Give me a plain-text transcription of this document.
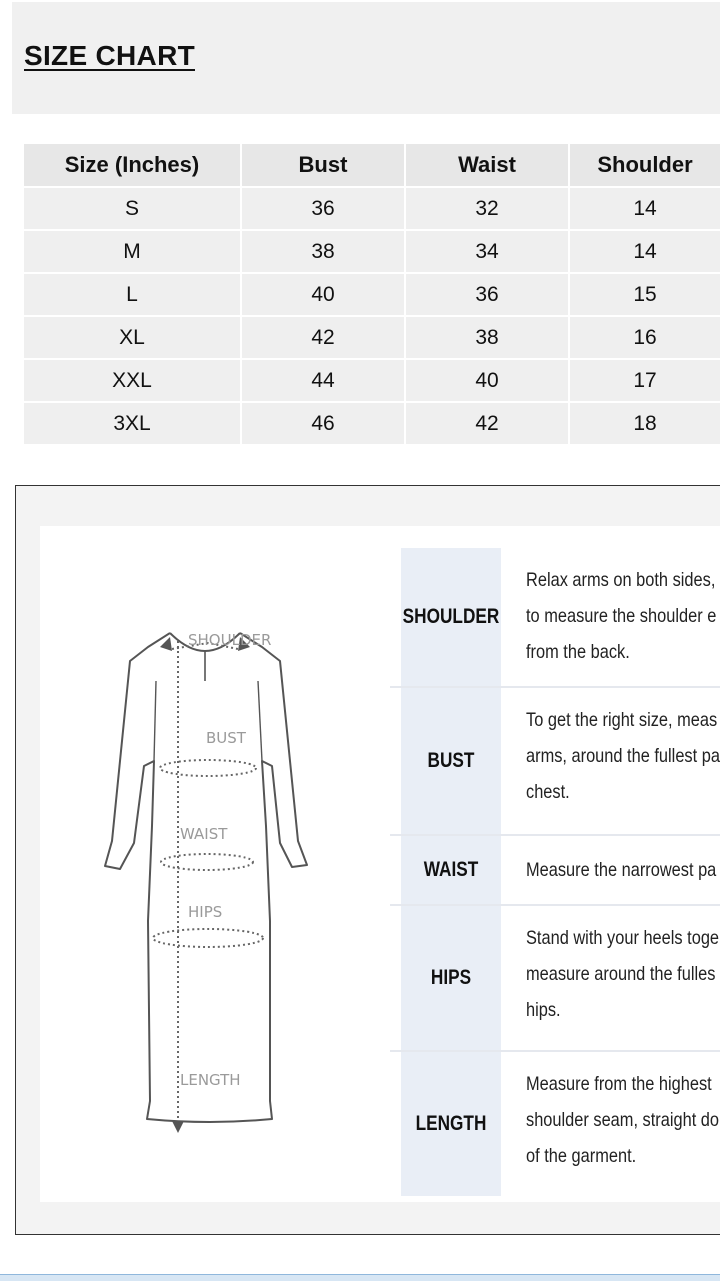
SIZE CHART
Size (Inches)	Bust	Waist	Shoulder
S	36	32	14
M	38	34	14
L	40	36	15
XL	42	38	16
XXL	44	40	17
3XL	46	42	18
SHOULDER
BUST
WAIST
HIPS
LENGTH
SHOULDER
Relax arms on both sides,
to measure the shoulder e
from the back.
BUST
To get the right size, meas
arms, around the fullest pa
chest.
WAIST	Measure the narrowest pa
HIPS
Stand with your heels toge
measure around the fulles
hips.
LENGTH
Measure from the highest
shoulder seam, straight do
of the garment.
